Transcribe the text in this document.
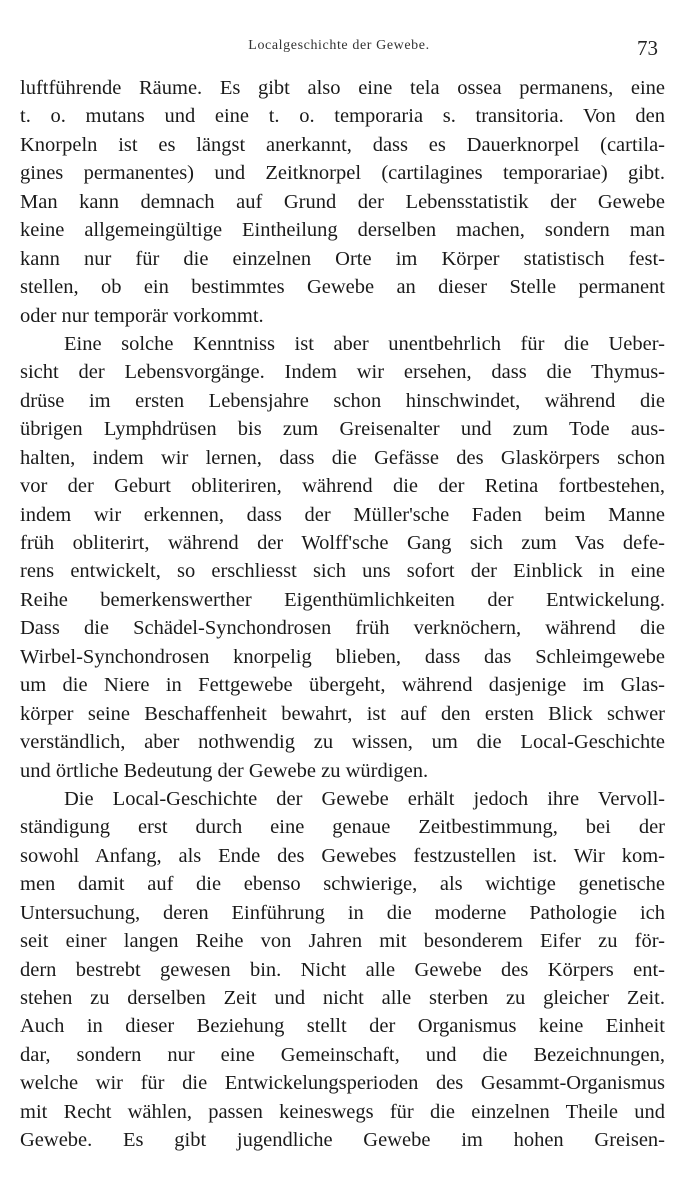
Localgeschichte der Gewebe.	73
luftführende Räume. Es gibt also eine tela ossea permanens, eine
t. o. mutans und eine t. o. temporaria s. transitoria. Von den
Knorpeln ist es längst anerkannt, dass es Dauerknorpel (cartila-
gines permanentes) und Zeitknorpel (cartilagines temporariae) gibt.
Man kann demnach auf Grund der Lebensstatistik der Gewebe
keine allgemeingültige Eintheilung derselben machen, sondern man
kann nur für die einzelnen Orte im Körper statistisch fest-
stellen, ob ein bestimmtes Gewebe an dieser Stelle permanent
oder nur temporär vorkommt.
Eine solche Kenntniss ist aber unentbehrlich für die Ueber-
sicht der Lebensvorgänge. Indem wir ersehen, dass die Thymus-
drüse im ersten Lebensjahre schon hinschwindet, während die
übrigen Lymphdrüsen bis zum Greisenalter und zum Tode aus-
halten, indem wir lernen, dass die Gefässe des Glaskörpers schon
vor der Geburt obliteriren, während die der Retina fortbestehen,
indem wir erkennen, dass der Müller'sche Faden beim Manne
früh obliterirt, während der Wolff'sche Gang sich zum Vas defe-
rens entwickelt, so erschliesst sich uns sofort der Einblick in eine
Reihe bemerkenswerther Eigenthümlichkeiten der Entwickelung.
Dass die Schädel-Synchondrosen früh verknöchern, während die
Wirbel-Synchondrosen knorpelig blieben, dass das Schleimgewebe
um die Niere in Fettgewebe übergeht, während dasjenige im Glas-
körper seine Beschaffenheit bewahrt, ist auf den ersten Blick schwer
verständlich, aber nothwendig zu wissen, um die Local-Geschichte
und örtliche Bedeutung der Gewebe zu würdigen.
Die Local-Geschichte der Gewebe erhält jedoch ihre Vervoll-
ständigung erst durch eine genaue Zeitbestimmung, bei der
sowohl Anfang, als Ende des Gewebes festzustellen ist. Wir kom-
men damit auf die ebenso schwierige, als wichtige genetische
Untersuchung, deren Einführung in die moderne Pathologie ich
seit einer langen Reihe von Jahren mit besonderem Eifer zu för-
dern bestrebt gewesen bin. Nicht alle Gewebe des Körpers ent-
stehen zu derselben Zeit und nicht alle sterben zu gleicher Zeit.
Auch in dieser Beziehung stellt der Organismus keine Einheit
dar, sondern nur eine Gemeinschaft, und die Bezeichnungen,
welche wir für die Entwickelungsperioden des Gesammt-Organismus
mit Recht wählen, passen keineswegs für die einzelnen Theile und
Gewebe. Es gibt jugendliche Gewebe im hohen Greisen-
